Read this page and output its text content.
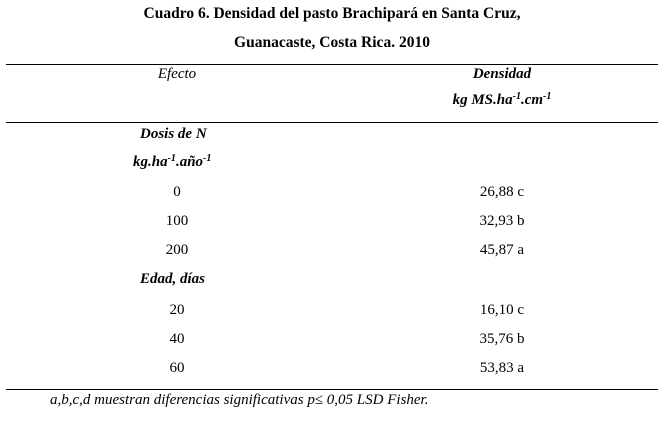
Cuadro 6. Densidad del pasto Brachipará en Santa Cruz,
Guanacaste, Costa Rica. 2010
Efecto	Densidad
kg $MS.ha^{-1}.cm^{-1}$
Dosis de N
$kg.ha^{-1}.año^{-1}$
0	26,88 c
100	32,93 b
200	45,87 a
Edad, días
20	16,10 c
40	35,76 b
60	53,83 a
a,b,c,d muestran diferencias significativas p≤ 0,05 LSD Fisher.
